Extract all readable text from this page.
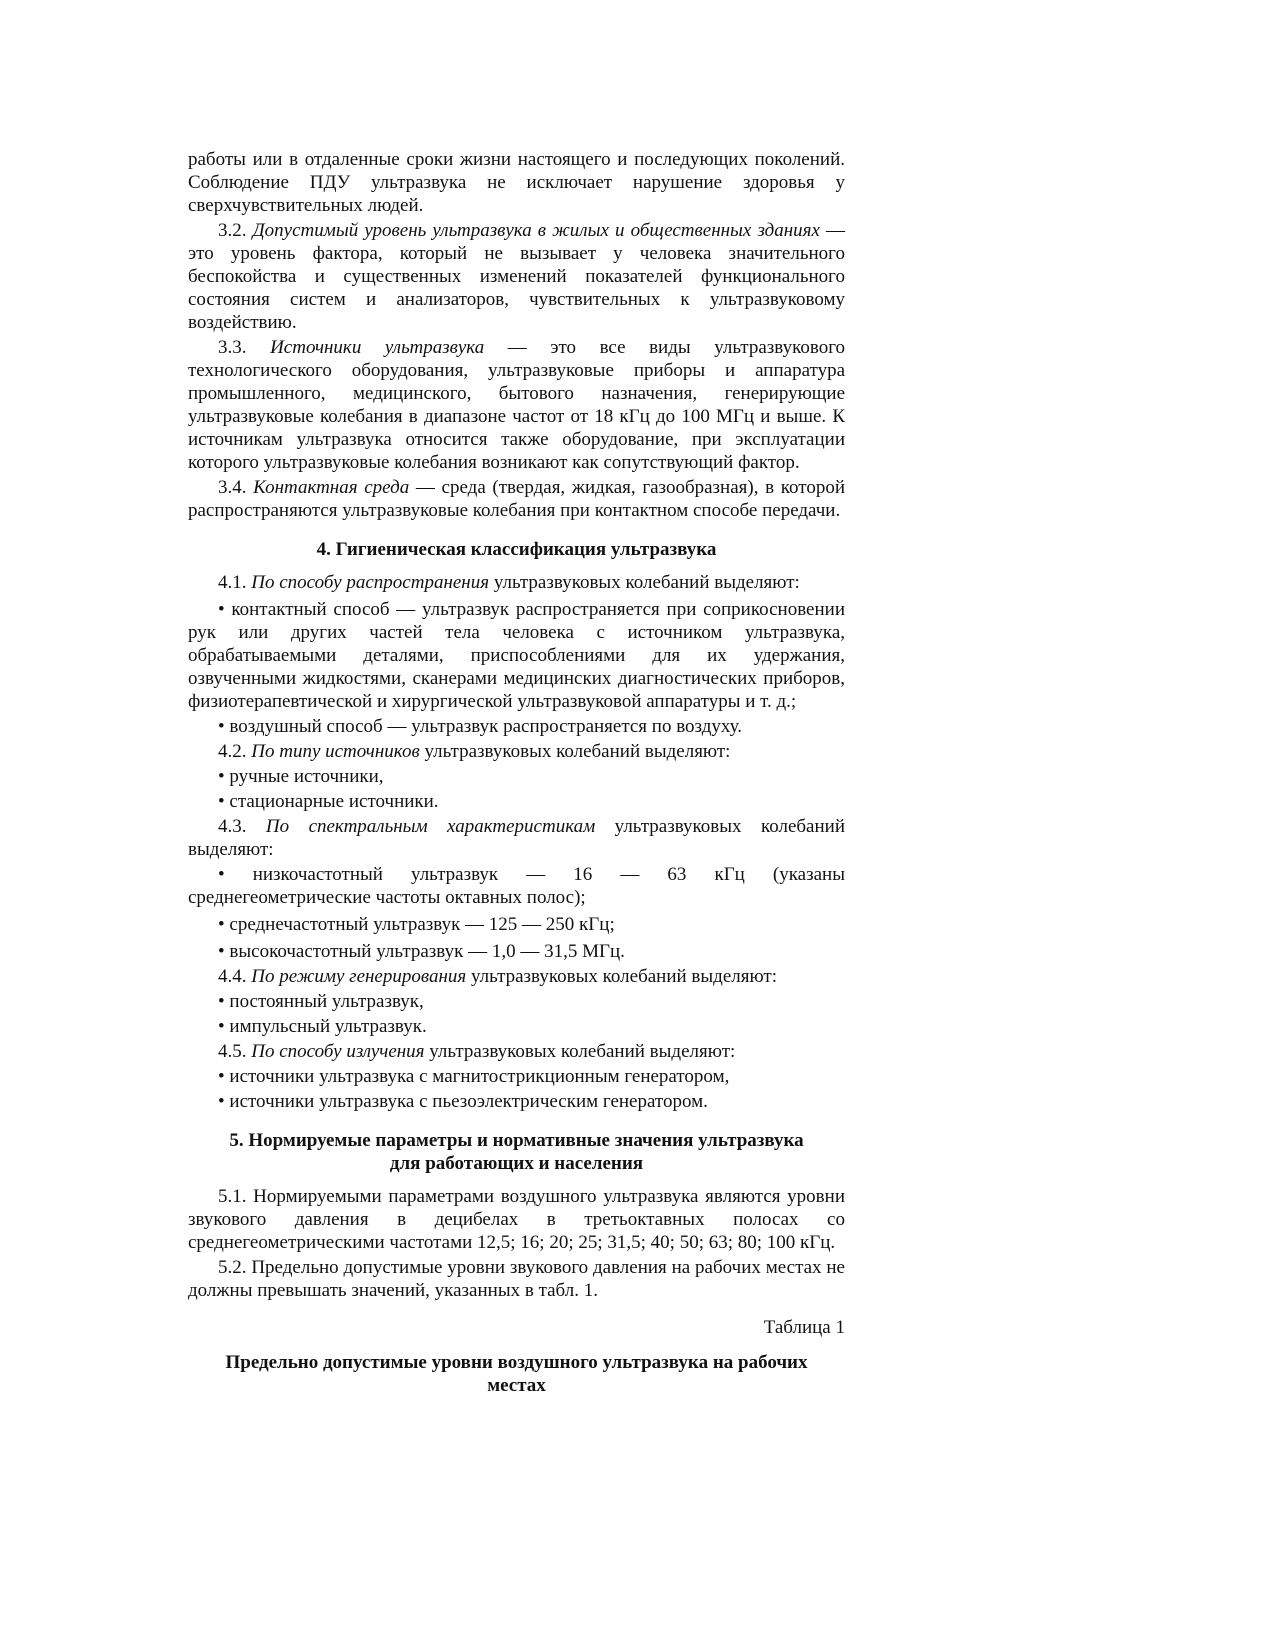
работы или в отдаленные сроки жизни настоящего и последующих поколений. Соблюдение ПДУ ультразвука не исключает нарушение здоровья у сверхчувствительных людей.

3.2. Допустимый уровень ультразвука в жилых и общественных зданиях — это уровень фактора, который не вызывает у человека значительного беспокойства и существенных изменений показателей функционального состояния систем и анализаторов, чувствительных к ультразвуковому воздействию.

3.3. Источники ультразвука — это все виды ультразвукового технологического оборудования, ультразвуковые приборы и аппаратура промышленного, медицинского, бытового назначения, генерирующие ультразвуковые колебания в диапазоне частот от 18 кГц до 100 МГц и выше. К источникам ультразвука относится также оборудование, при эксплуатации которого ультразвуковые колебания возникают как сопутствующий фактор.

3.4. Контактная среда — среда (твердая, жидкая, газообразная), в которой распространяются ультразвуковые колебания при контактном способе передачи.

4. Гигиеническая классификация ультразвука

4.1. По способу распространения ультразвуковых колебаний выделяют:

• контактный способ — ультразвук распространяется при соприкосновении рук или других частей тела человека с источником ультразвука, обрабатываемыми деталями, приспособлениями для их удержания, озвученными жидкостями, сканерами медицинских диагностических приборов, физиотерапевтической и хирургической ультразвуковой аппаратуры и т. д.;

• воздушный способ — ультразвук распространяется по воздуху.

4.2. По типу источников ультразвуковых колебаний выделяют:

• ручные источники,

• стационарные источники.

4.3. По спектральным характеристикам ультразвуковых колебаний выделяют:

• низкочастотный ультразвук — 16 — 63 кГц (указаны среднегеометрические частоты октавных полос);

• среднечастотный ультразвук — 125 — 250 кГц;

• высокочастотный ультразвук — 1,0 — 31,5 МГц.

4.4. По режиму генерирования ультразвуковых колебаний выделяют:

• постоянный ультразвук,

• импульсный ультразвук.

4.5. По способу излучения ультразвуковых колебаний выделяют:

• источники ультразвука с магнитострикционным генератором,

• источники ультразвука с пьезоэлектрическим генератором.

5. Нормируемые параметры и нормативные значения ультразвука
для работающих и населения

5.1. Нормируемыми параметрами воздушного ультразвука являются уровни звукового давления в децибелах в третьоктавных полосах со среднегеометрическими частотами 12,5; 16; 20; 25; 31,5; 40; 50; 63; 80; 100 кГц.

5.2. Предельно допустимые уровни звукового давления на рабочих местах не должны превышать значений, указанных в табл. 1.

Таблица 1
Предельно допустимые уровни воздушного ультразвука на рабочих местах
